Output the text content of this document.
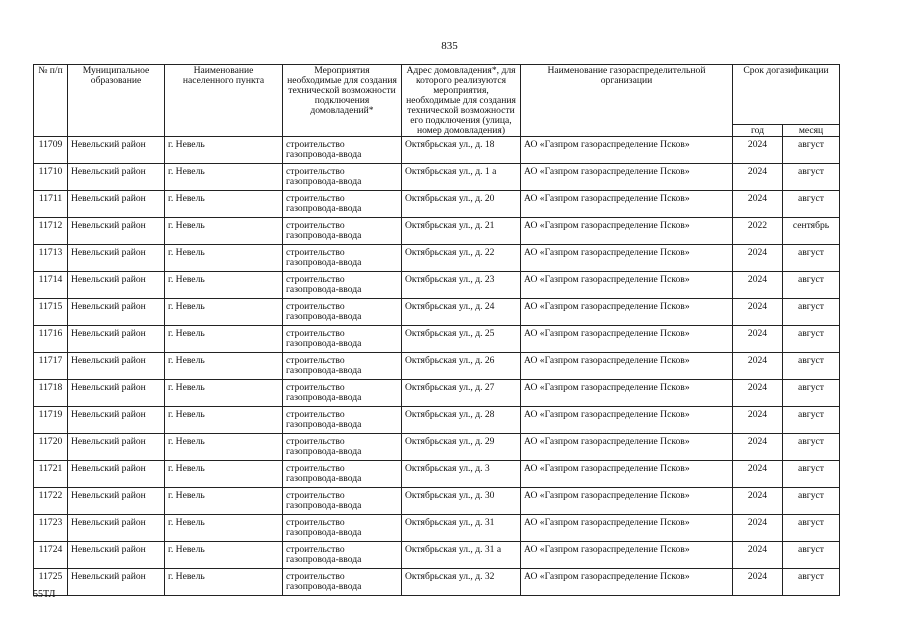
835
№ п/п	Муниципальное образование	Наименование населенного пункта	Мероприятия необходимые для создания технической возможности подключения домовладений*	Адрес домовладения*, для которого реализуются мероприятия, необходимые для создания технической возможности его подключения (улица, номер домовладения)	Наименование газораспределительной организации	Срок догазификации	
						год	месяц
11709	Невельский район	г. Невель	строительство газопровода-ввода	Октябрьская ул., д. 18	АО «Газпром газораспределение Псков»	2024	август
11710	Невельский район	г. Невель	строительство газопровода-ввода	Октябрьская ул., д. 1 а	АО «Газпром газораспределение Псков»	2024	август
11711	Невельский район	г. Невель	строительство газопровода-ввода	Октябрьская ул., д. 20	АО «Газпром газораспределение Псков»	2024	август
11712	Невельский район	г. Невель	строительство газопровода-ввода	Октябрьская ул., д. 21	АО «Газпром газораспределение Псков»	2022	сентябрь
11713	Невельский район	г. Невель	строительство газопровода-ввода	Октябрьская ул., д. 22	АО «Газпром газораспределение Псков»	2024	август
11714	Невельский район	г. Невель	строительство газопровода-ввода	Октябрьская ул., д. 23	АО «Газпром газораспределение Псков»	2024	август
11715	Невельский район	г. Невель	строительство газопровода-ввода	Октябрьская ул., д. 24	АО «Газпром газораспределение Псков»	2024	август
11716	Невельский район	г. Невель	строительство газопровода-ввода	Октябрьская ул., д. 25	АО «Газпром газораспределение Псков»	2024	август
11717	Невельский район	г. Невель	строительство газопровода-ввода	Октябрьская ул., д. 26	АО «Газпром газораспределение Псков»	2024	август
11718	Невельский район	г. Невель	строительство газопровода-ввода	Октябрьская ул., д. 27	АО «Газпром газораспределение Псков»	2024	август
11719	Невельский район	г. Невель	строительство газопровода-ввода	Октябрьская ул., д. 28	АО «Газпром газораспределение Псков»	2024	август
11720	Невельский район	г. Невель	строительство газопровода-ввода	Октябрьская ул., д. 29	АО «Газпром газораспределение Псков»	2024	август
11721	Невельский район	г. Невель	строительство газопровода-ввода	Октябрьская ул., д. 3	АО «Газпром газораспределение Псков»	2024	август
11722	Невельский район	г. Невель	строительство газопровода-ввода	Октябрьская ул., д. 30	АО «Газпром газораспределение Псков»	2024	август
11723	Невельский район	г. Невель	строительство газопровода-ввода	Октябрьская ул., д. 31	АО «Газпром газораспределение Псков»	2024	август
11724	Невельский район	г. Невель	строительство газопровода-ввода	Октябрьская ул., д. 31 а	АО «Газпром газораспределение Псков»	2024	август
11725	Невельский район	г. Невель	строительство газопровода-ввода	Октябрьская ул., д. 32	АО «Газпром газораспределение Псков»	2024	август
55ТЛ
